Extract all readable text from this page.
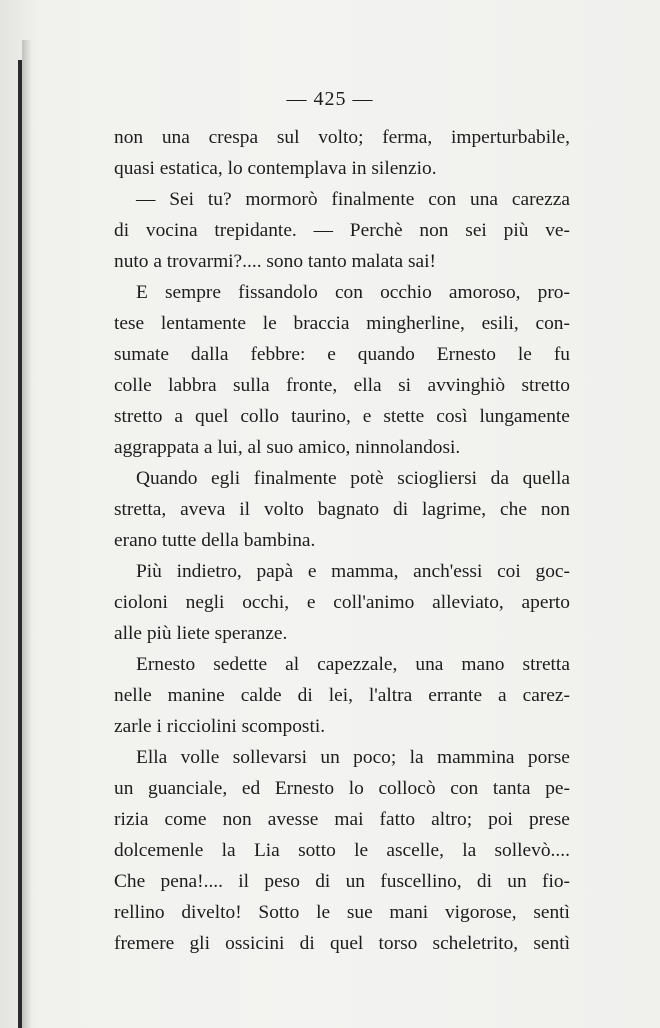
— 425 —
non una crespa sul volto; ferma, imperturbabile,
quasi estatica, lo contemplava in silenzio.
— Sei tu? mormorò finalmente con una carezza
di vocina trepidante. — Perchè non sei più ve-
nuto a trovarmi?.... sono tanto malata sai!
E sempre fissandolo con occhio amoroso, pro-
tese lentamente le braccia mingherline, esili, con-
sumate dalla febbre: e quando Ernesto le fu
colle labbra sulla fronte, ella si avvinghiò stretto
stretto a quel collo taurino, e stette così lungamente
aggrappata a lui, al suo amico, ninnolandosi.
Quando egli finalmente potè sciogliersi da quella
stretta, aveva il volto bagnato di lagrime, che non
erano tutte della bambina.
Più indietro, papà e mamma, anch'essi coi goc-
cioloni negli occhi, e coll'animo alleviato, aperto
alle più liete speranze.
Ernesto sedette al capezzale, una mano stretta
nelle manine calde di lei, l'altra errante a carez-
zarle i ricciolini scomposti.
Ella volle sollevarsi un poco; la mammina porse
un guanciale, ed Ernesto lo collocò con tanta pe-
rizia come non avesse mai fatto altro; poi prese
dolcemenle la Lia sotto le ascelle, la sollevò....
Che pena!.... il peso di un fuscellino, di un fio-
rellino divelto! Sotto le sue mani vigorose, sentì
fremere gli ossicini di quel torso scheletrito, sentì
